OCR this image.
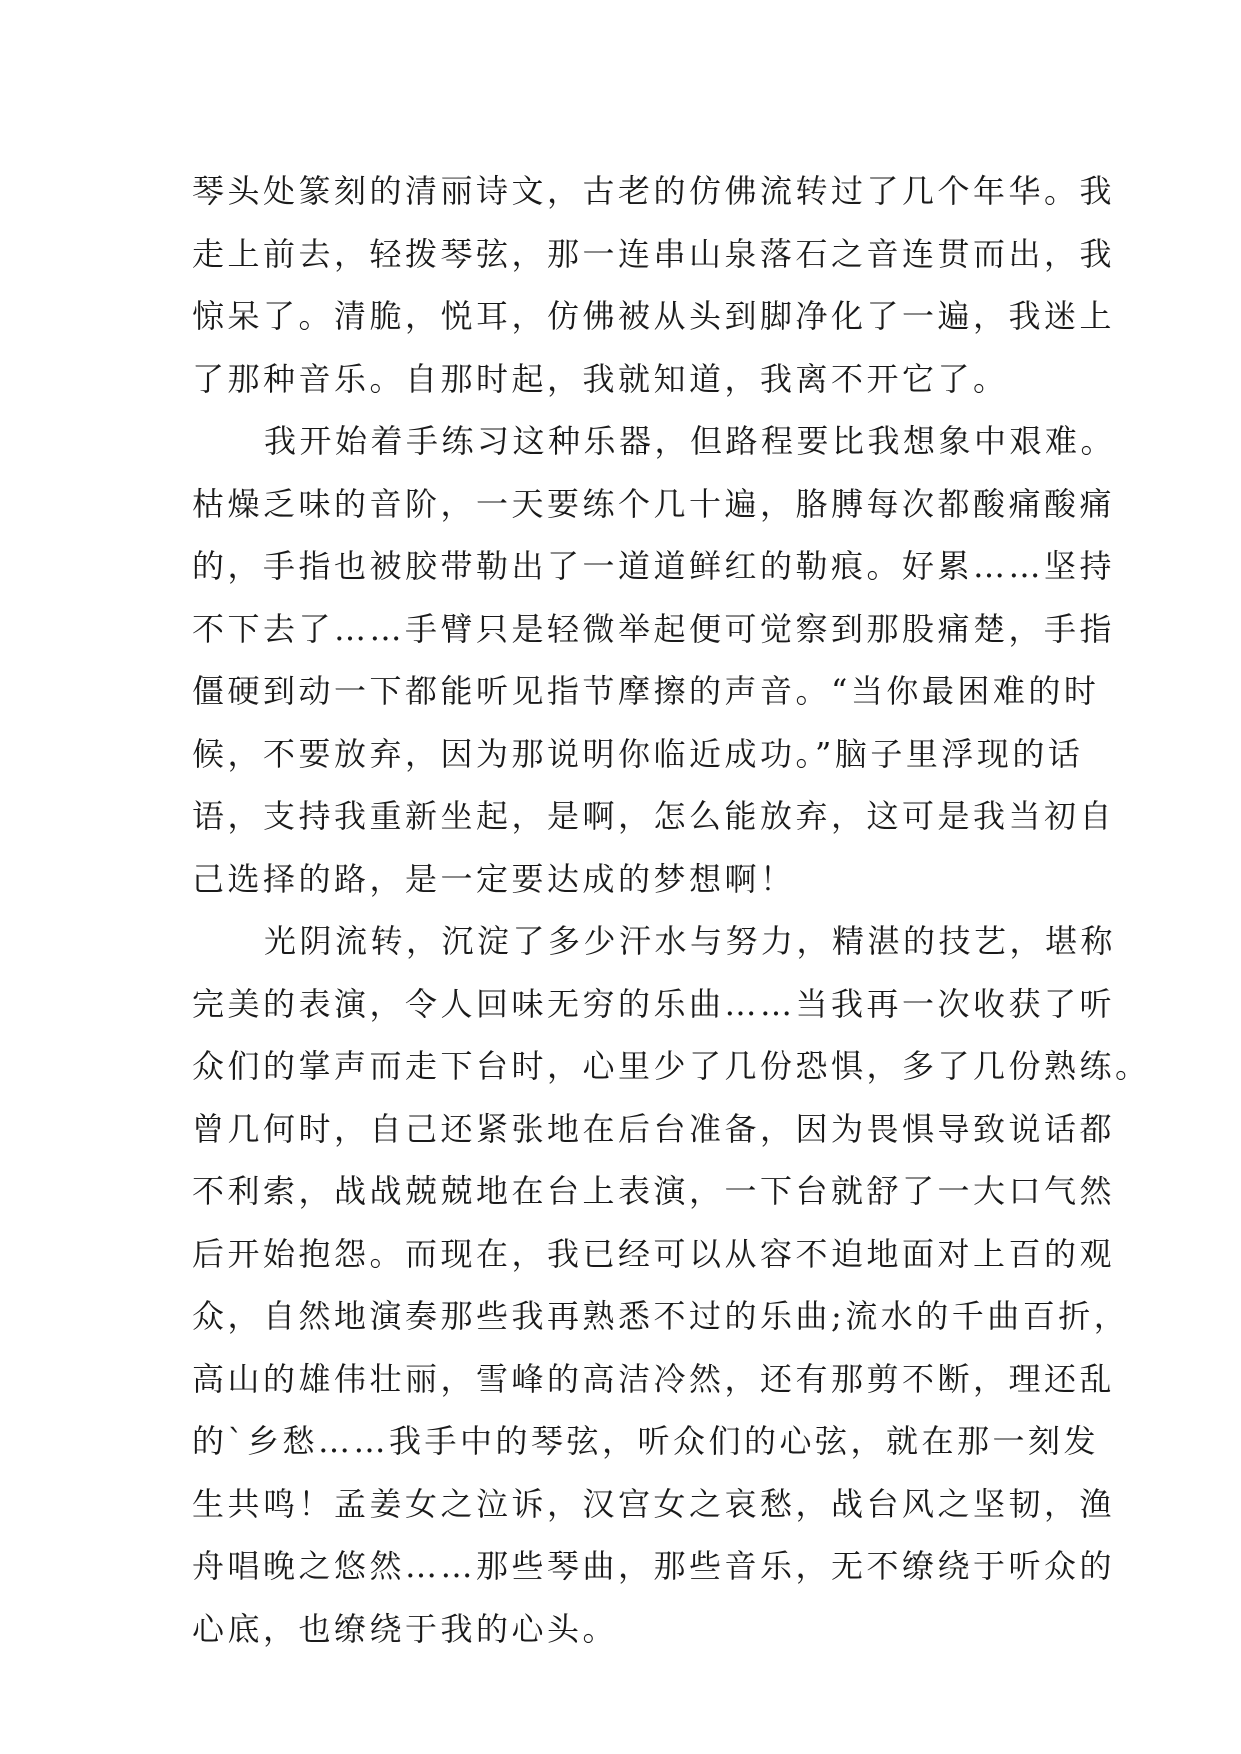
琴头处篆刻的清丽诗文，古老的仿佛流转过了几个年华。我
走上前去，轻拨琴弦，那一连串山泉落石之音连贯而出，我
惊呆了。清脆，悦耳，仿佛被从头到脚净化了一遍，我迷上
了那种音乐。自那时起，我就知道，我离不开它了。
我开始着手练习这种乐器，但路程要比我想象中艰难。
枯燥乏味的音阶，一天要练个几十遍，胳膊每次都酸痛酸痛
的，手指也被胶带勒出了一道道鲜红的勒痕。好累……坚持
不下去了……手臂只是轻微举起便可觉察到那股痛楚，手指
僵硬到动一下都能听见指节摩擦的声音。“当你最困难的时
候，不要放弃，因为那说明你临近成功。”脑子里浮现的话
语，支持我重新坐起，是啊，怎么能放弃，这可是我当初自
己选择的路，是一定要达成的梦想啊！
光阴流转，沉淀了多少汗水与努力，精湛的技艺，堪称
完美的表演，令人回味无穷的乐曲……当我再一次收获了听
众们的掌声而走下台时，心里少了几份恐惧，多了几份熟练。
曾几何时，自己还紧张地在后台准备，因为畏惧导致说话都
不利索，战战兢兢地在台上表演，一下台就舒了一大口气然
后开始抱怨。而现在，我已经可以从容不迫地面对上百的观
众，自然地演奏那些我再熟悉不过的乐曲;流水的千曲百折，
高山的雄伟壮丽，雪峰的高洁冷然，还有那剪不断，理还乱
的`乡愁……我手中的琴弦，听众们的心弦，就在那一刻发
生共鸣！孟姜女之泣诉，汉宫女之哀愁，战台风之坚韧，渔
舟唱晚之悠然……那些琴曲，那些音乐，无不缭绕于听众的
心底，也缭绕于我的心头。
